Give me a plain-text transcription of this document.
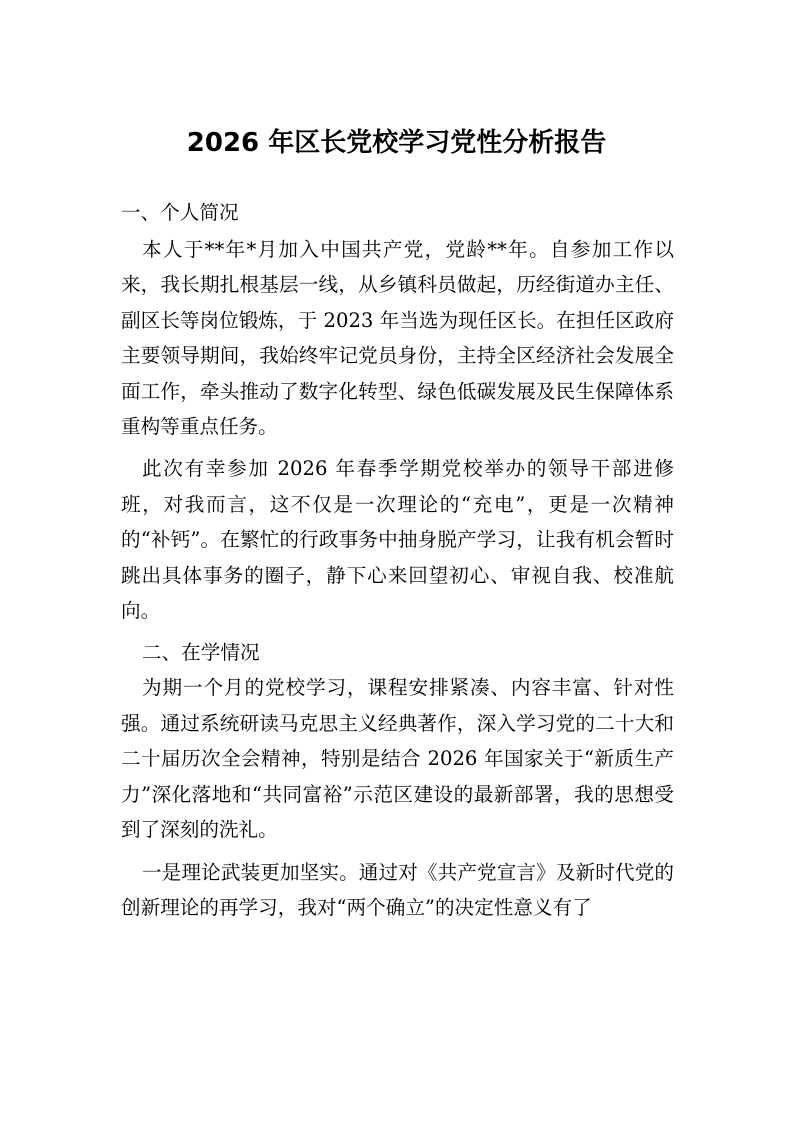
2026 年区长党校学习党性分析报告

一、个人简况

本人于**年*月加入中国共产党，党龄**年。自参加工作以来，我长期扎根基层一线，从乡镇科员做起，历经街道办主任、副区长等岗位锻炼，于 2023 年当选为现任区长。在担任区政府主要领导期间，我始终牢记党员身份，主持全区经济社会发展全面工作，牵头推动了数字化转型、绿色低碳发展及民生保障体系重构等重点任务。

此次有幸参加 2026 年春季学期党校举办的领导干部进修班，对我而言，这不仅是一次理论的“充电”，更是一次精神的“补钙”。在繁忙的行政事务中抽身脱产学习，让我有机会暂时跳出具体事务的圈子，静下心来回望初心、审视自我、校准航向。

二、在学情况

为期一个月的党校学习，课程安排紧凑、内容丰富、针对性强。通过系统研读马克思主义经典著作，深入学习党的二十大和二十届历次全会精神，特别是结合 2026 年国家关于“新质生产力”深化落地和“共同富裕”示范区建设的最新部署，我的思想受到了深刻的洗礼。

一是理论武装更加坚实。通过对《共产党宣言》及新时代党的创新理论的再学习，我对“两个确立”的决定性意义有了
